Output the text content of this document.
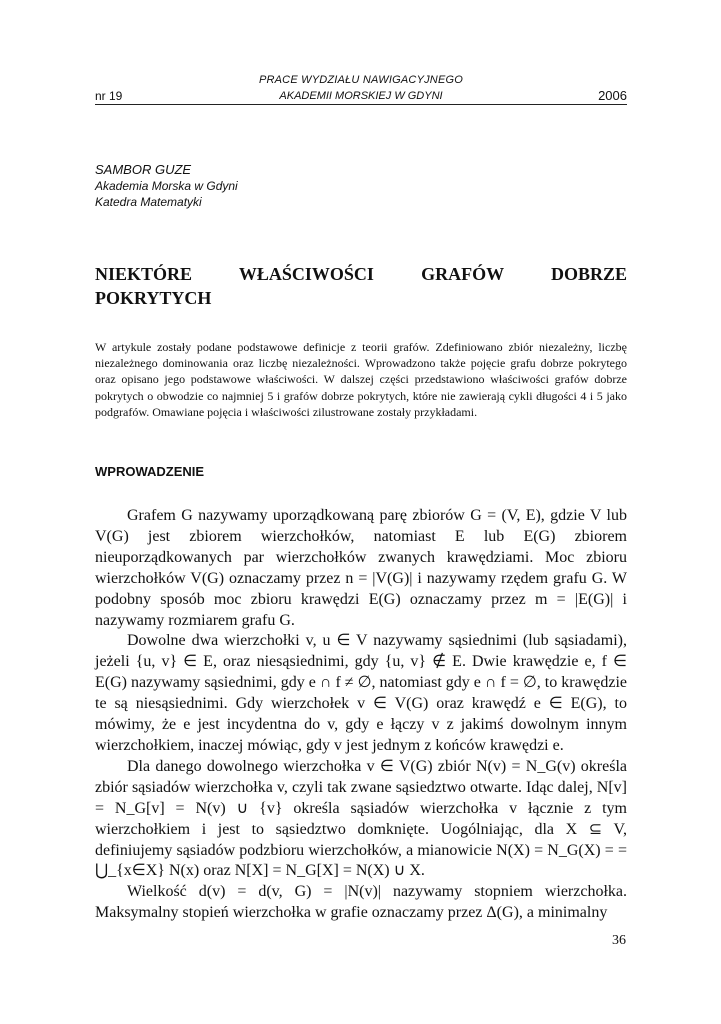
PRACE WYDZIAŁU NAWIGACYJNEGO
nr 19	AKADEMII MORSKIEJ W GDYNI	2006
SAMBOR GUZE
Akademia Morska w Gdyni
Katedra Matematyki
NIEKTÓRE WŁAŚCIWOŚCI GRAFÓW DOBRZE
POKRYTYCH
W artykule zostały podane podstawowe definicje z teorii grafów. Zdefiniowano zbiór niezależny, liczbę niezależnego dominowania oraz liczbę niezależności. Wprowadzono także pojęcie grafu dobrze pokrytego oraz opisano jego podstawowe właściwości. W dalszej części przedstawiono właściwości grafów dobrze pokrytych o obwodzie co najmniej 5 i grafów dobrze pokrytych, które nie zawierają cykli długości 4 i 5 jako podgrafów. Omawiane pojęcia i właściwości zilustrowane zostały przykładami.
WPROWADZENIE

Grafem G nazywamy uporządkowaną parę zbiorów G = (V, E), gdzie V lub V(G) jest zbiorem wierzchołków, natomiast E lub E(G) zbiorem nieuporządkowanych par wierzchołków zwanych krawędziami. Moc zbioru wierzchołków V(G) oznaczamy przez n = |V(G)| i nazywamy rzędem grafu G. W podobny sposób moc zbioru krawędzi E(G) oznaczamy przez m = |E(G)| i nazywamy rozmiarem grafu G.

Dowolne dwa wierzchołki v, u ∈ V nazywamy sąsiednimi (lub sąsiadami), jeżeli {u, v} ∈ E, oraz niesąsiednimi, gdy {u, v} ∉ E. Dwie krawędzie e, f ∈ E(G) nazywamy sąsiednimi, gdy e ∩ f ≠ ∅, natomiast gdy e ∩ f = ∅, to krawędzie te są niesąsiednimi. Gdy wierzchołek v ∈ V(G) oraz krawędź e ∈ E(G), to mówimy, że e jest incydentna do v, gdy e łączy v z jakimś dowolnym innym wierzchołkiem, inaczej mówiąc, gdy v jest jednym z końców krawędzi e.

Dla danego dowolnego wierzchołka v ∈ V(G) zbiór N(v) = N_G(v) określa zbiór sąsiadów wierzchołka v, czyli tak zwane sąsiedztwo otwarte. Idąc dalej, N[v] = N_G[v] = N(v) ∪ {v} określa sąsiadów wierzchołka v łącznie z tym wierzchołkiem i jest to sąsiedztwo domknięte. Uogólniając, dla X ⊆ V, definiujemy sąsiadów podzbioru wierzchołków, a mianowicie N(X) = N_G(X) = = ⋃_{x∈X} N(x) oraz N[X] = N_G[X] = N(X) ∪ X.

Wielkość d(v) = d(v, G) = |N(v)| nazywamy stopniem wierzchołka. Maksymalny stopień wierzchołka w grafie oznaczamy przez Δ(G), a minimalny

36
